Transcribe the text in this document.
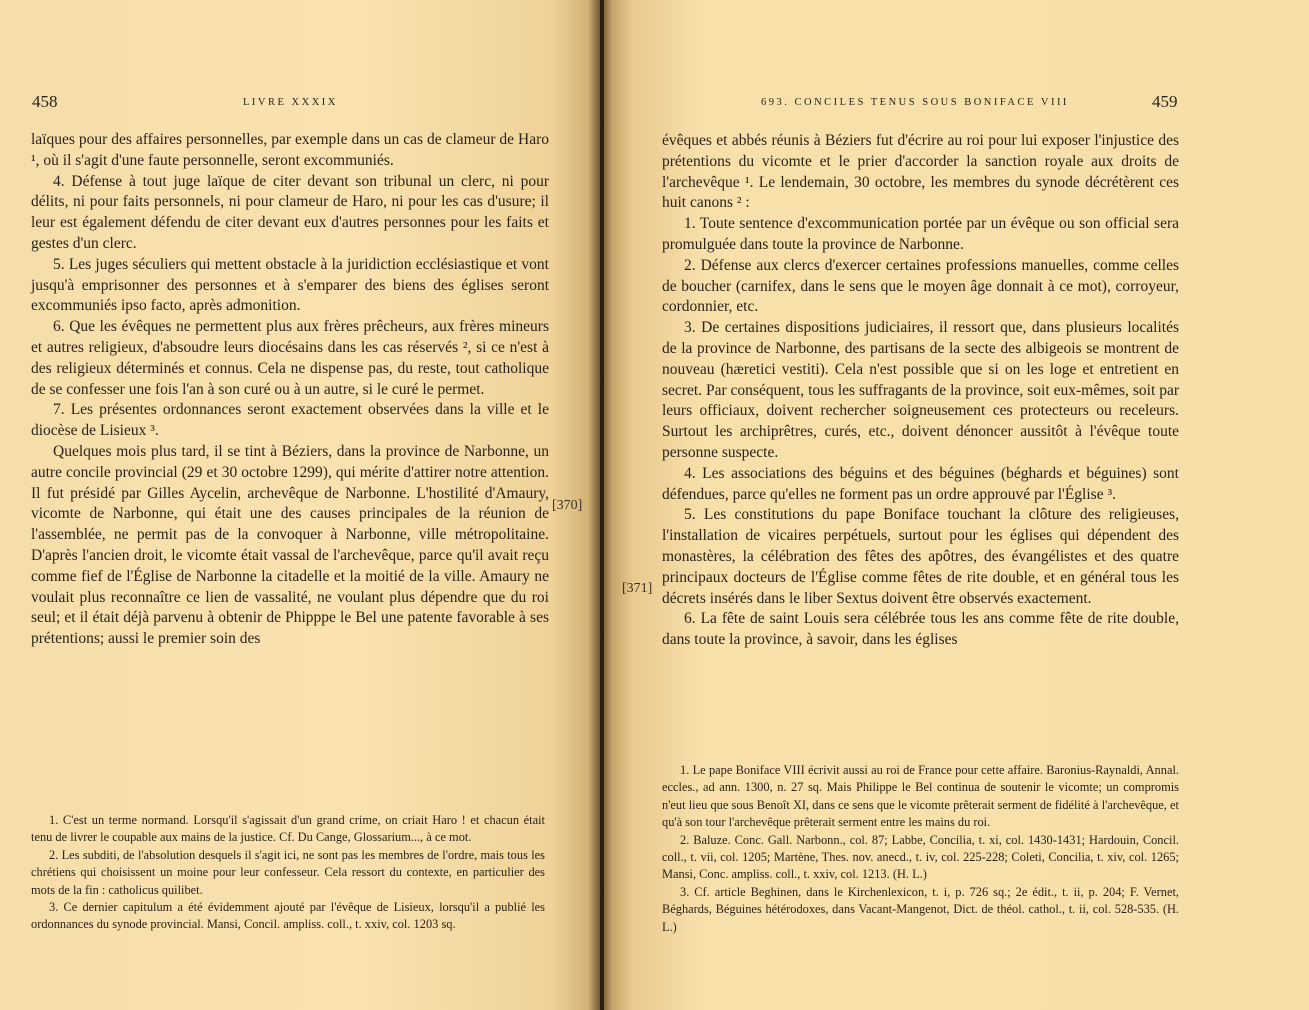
458	LIVRE XXXIX

laïques pour des affaires personnelles, par exemple dans un cas de clameur de Haro ¹, où il s'agit d'une faute personnelle, seront excommuniés.

4. Défense à tout juge laïque de citer devant son tribunal un clerc, ni pour délits, ni pour faits personnels, ni pour clameur de Haro, ni pour les cas d'usure; il leur est également défendu de citer devant eux d'autres personnes pour les faits et gestes d'un clerc.

5. Les juges séculiers qui mettent obstacle à la juridiction ecclésiastique et vont jusqu'à emprisonner des personnes et à s'emparer des biens des églises seront excommuniés ipso facto, après admonition.

6. Que les évêques ne permettent plus aux frères prêcheurs, aux frères mineurs et autres religieux, d'absoudre leurs diocésains dans les cas réservés ², si ce n'est à des religieux déterminés et connus. Cela ne dispense pas, du reste, tout catholique de se confesser une fois l'an à son curé ou à un autre, si le curé le permet.

7. Les présentes ordonnances seront exactement observées dans la ville et le diocèse de Lisieux ³.

Quelques mois plus tard, il se tint à Béziers, dans la province de Narbonne, un autre concile provincial (29 et 30 octobre 1299), qui mérite d'attirer notre attention. Il fut présidé par Gilles Aycelin, archevêque de Narbonne. L'hostilité d'Amaury, vicomte de Narbonne, qui était une des causes principales de la réunion de l'assemblée, ne permit pas de la convoquer à Narbonne, ville métropolitaine. D'après l'ancien droit, le vicomte était vassal de l'archevêque, parce qu'il avait reçu comme fief de l'Église de Narbonne la citadelle et la moitié de la ville. Amaury ne voulait plus reconnaître ce lien de vassalité, ne voulant plus dépendre que du roi seul; et il était déjà parvenu à obtenir de Phipppe le Bel une patente favorable à ses prétentions; aussi le premier soin des

[370]

1. C'est un terme normand. Lorsqu'il s'agissait d'un grand crime, on criait Haro ! et chacun était tenu de livrer le coupable aux mains de la justice. Cf. Du Cange, Glossarium..., à ce mot.

2. Les subditi, de l'absolution desquels il s'agit ici, ne sont pas les membres de l'ordre, mais tous les chrétiens qui choisissent un moine pour leur confesseur. Cela ressort du contexte, en particulier des mots de la fin : catholicus quilibet.

3. Ce dernier capitulum a été évidemment ajouté par l'évêque de Lisieux, lorsqu'il a publié les ordonnances du synode provincial. Mansi, Concil. ampliss. coll., t. xxiv, col. 1203 sq.

693. CONCILES TENUS SOUS BONIFACE VIII	459

évêques et abbés réunis à Béziers fut d'écrire au roi pour lui exposer l'injustice des prétentions du vicomte et le prier d'accorder la sanction royale aux droits de l'archevêque ¹. Le lendemain, 30 octobre, les membres du synode décrétèrent ces huit canons ² :

1. Toute sentence d'excommunication portée par un évêque ou son official sera promulguée dans toute la province de Narbonne.

2. Défense aux clercs d'exercer certaines professions manuelles, comme celles de boucher (carnifex, dans le sens que le moyen âge donnait à ce mot), corroyeur, cordonnier, etc.

3. De certaines dispositions judiciaires, il ressort que, dans plusieurs localités de la province de Narbonne, des partisans de la secte des albigeois se montrent de nouveau (hæretici vestiti). Cela n'est possible que si on les loge et entretient en secret. Par conséquent, tous les suffragants de la province, soit eux-mêmes, soit par leurs officiaux, doivent rechercher soigneusement ces protecteurs ou receleurs. Surtout les archiprêtres, curés, etc., doivent dénoncer aussitôt à l'évêque toute personne suspecte.

4. Les associations des béguins et des béguines (béghards et béguines) sont défendues, parce qu'elles ne forment pas un ordre approuvé par l'Église ³.

5. Les constitutions du pape Boniface touchant la clôture des religieuses, l'installation de vicaires perpétuels, surtout pour les églises qui dépendent des monastères, la célébration des fêtes des apôtres, des évangélistes et des quatre principaux docteurs de l'Église comme fêtes de rite double, et en général tous les décrets insérés dans le liber Sextus doivent être observés exactement.

6. La fête de saint Louis sera célébrée tous les ans comme fête de rite double, dans toute la province, à savoir, dans les églises

[371]

1. Le pape Boniface VIII écrivit aussi au roi de France pour cette affaire. Baronius-Raynaldi, Annal. eccles., ad ann. 1300, n. 27 sq. Mais Philippe le Bel continua de soutenir le vicomte; un compromis n'eut lieu que sous Benoît XI, dans ce sens que le vicomte prêterait serment de fidélité à l'archevêque, et qu'à son tour l'archevêque prêterait serment entre les mains du roi.

2. Baluze. Conc. Gall. Narbonn., col. 87; Labbe, Concilia, t. xi, col. 1430-1431; Hardouin, Concil. coll., t. vii, col. 1205; Martène, Thes. nov. anecd., t. iv, col. 225-228; Coleti, Concilia, t. xiv, col. 1265; Mansi, Conc. ampliss. coll., t. xxiv, col. 1213. (H. L.)

3. Cf. article Beghinen, dans le Kirchenlexicon, t. i, p. 726 sq.; 2e édit., t. ii, p. 204; F. Vernet, Béghards, Béguines hétérodoxes, dans Vacant-Mangenot, Dict. de théol. cathol., t. ii, col. 528-535. (H. L.)
